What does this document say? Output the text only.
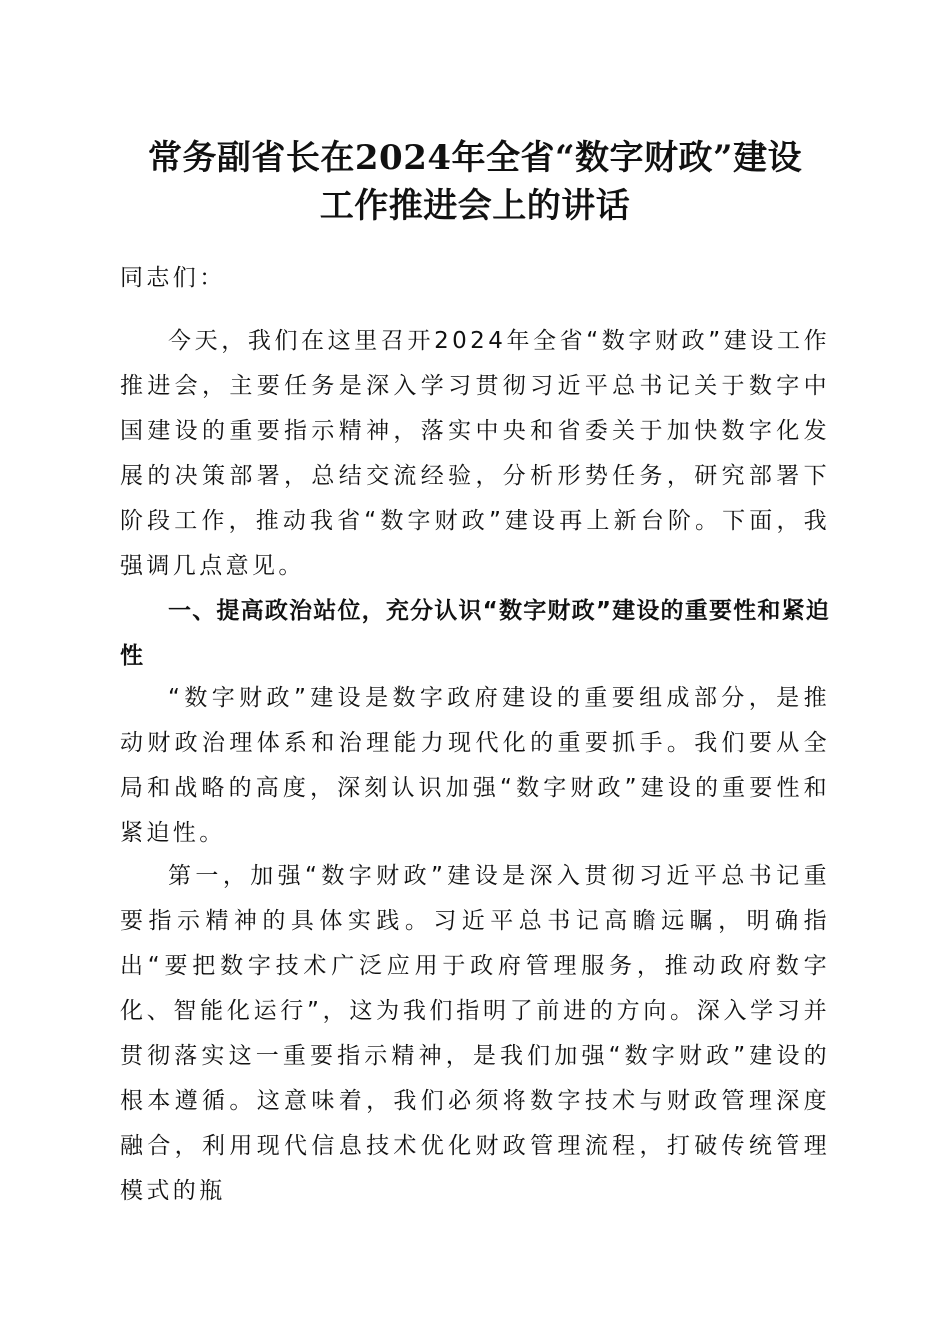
常务副省长在2024年全省“数字财政”建设
工作推进会上的讲话

同志们：

今天，我们在这里召开2024年全省“数字财政”建设工作推进会，主要任务是深入学习贯彻习近平总书记关于数字中国建设的重要指示精神，落实中央和省委关于加快数字化发展的决策部署，总结交流经验，分析形势任务，研究部署下阶段工作，推动我省“数字财政”建设再上新台阶。下面，我强调几点意见。

一、提高政治站位，充分认识“数字财政”建设的重要性和紧迫性

“数字财政”建设是数字政府建设的重要组成部分，是推动财政治理体系和治理能力现代化的重要抓手。我们要从全局和战略的高度，深刻认识加强“数字财政”建设的重要性和紧迫性。

第一，加强“数字财政”建设是深入贯彻习近平总书记重要指示精神的具体实践。习近平总书记高瞻远瞩，明确指出“要把数字技术广泛应用于政府管理服务，推动政府数字化、智能化运行”，这为我们指明了前进的方向。深入学习并贯彻落实这一重要指示精神，是我们加强“数字财政”建设的根本遵循。这意味着，我们必须将数字技术与财政管理深度融合，利用现代信息技术优化财政管理流程，打破传统管理模式的瓶
